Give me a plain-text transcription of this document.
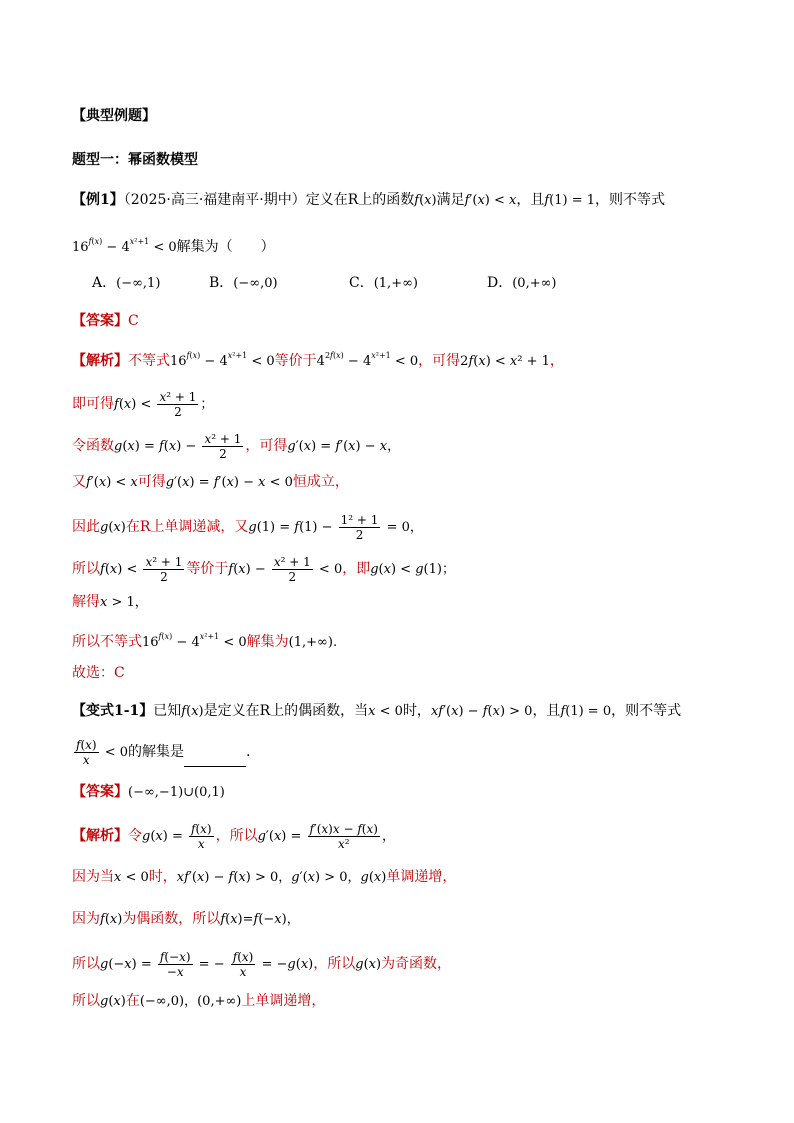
【典型例题】
题型一：幂函数模型
【例1】（2025·高三·福建南平·期中）定义在R上的函数f(x)满足f′(x) < x，且f(1) = 1，则不等式
$16^{f(x)} - 4^{x^2+1} < 0$解集为（　　）
A．(−∞,1)	B．(−∞,0)	C．(1,+∞)	D．(0,+∞)
【答案】C
【解析】不等式$16^{f(x)} - 4^{x^2+1} < 0$等价于$4^{2f(x)} - 4^{x^2+1} < 0$，可得2f(x) < x² + 1，
即可得$f(x) < \frac{\text{x² + 1}}{2}$ ；
令函数$g(x) = f(x) - \frac{\text{x² + 1}}{2}$ ，可得g′(x) = f′(x) − x，
又f′(x) < x可得g′(x) = f′(x) − x < 0恒成立，
因此g(x)在R上单调递减，又$g(1) = f(1) - \frac{\text{1² + 1}}{2} = 0$，
所以$f(x) < \frac{\text{x² + 1}}{2}$ 等价于$f(x) - \frac{\text{x² + 1}}{2} < 0$，即g(x) < g(1)；
解得x > 1，
所以不等式$16^{f(x)} - 4^{x^2+1} < 0$解集为(1,+∞).
故选：C
【变式1-1】已知f(x)是定义在R上的偶函数，当x < 0时，xf′(x) − f(x) > 0，且f(1) = 0，则不等式
$\frac{f(x)}{x} < 0$的解集是	.
【答案】(−∞,−1)∪(0,1)
【解析】令$g(x) = \frac{f(x)}{x}$ ，所以$g'(x) = \frac{f'(x)x - f(x)}{\text{x²}}$ ，
因为当x < 0时，xf′(x) − f(x) > 0，g′(x) > 0，g(x)单调递增，
因为f(x)为偶函数，所以f(x)=f(−x)，
所以$g(-x) = \frac{f(-x)}{-x}$ = − $\frac{f(x)}{x} = -g(x)$，所以g(x)为奇函数，
所以g(x)在(−∞,0)，(0,+∞)上单调递增，
